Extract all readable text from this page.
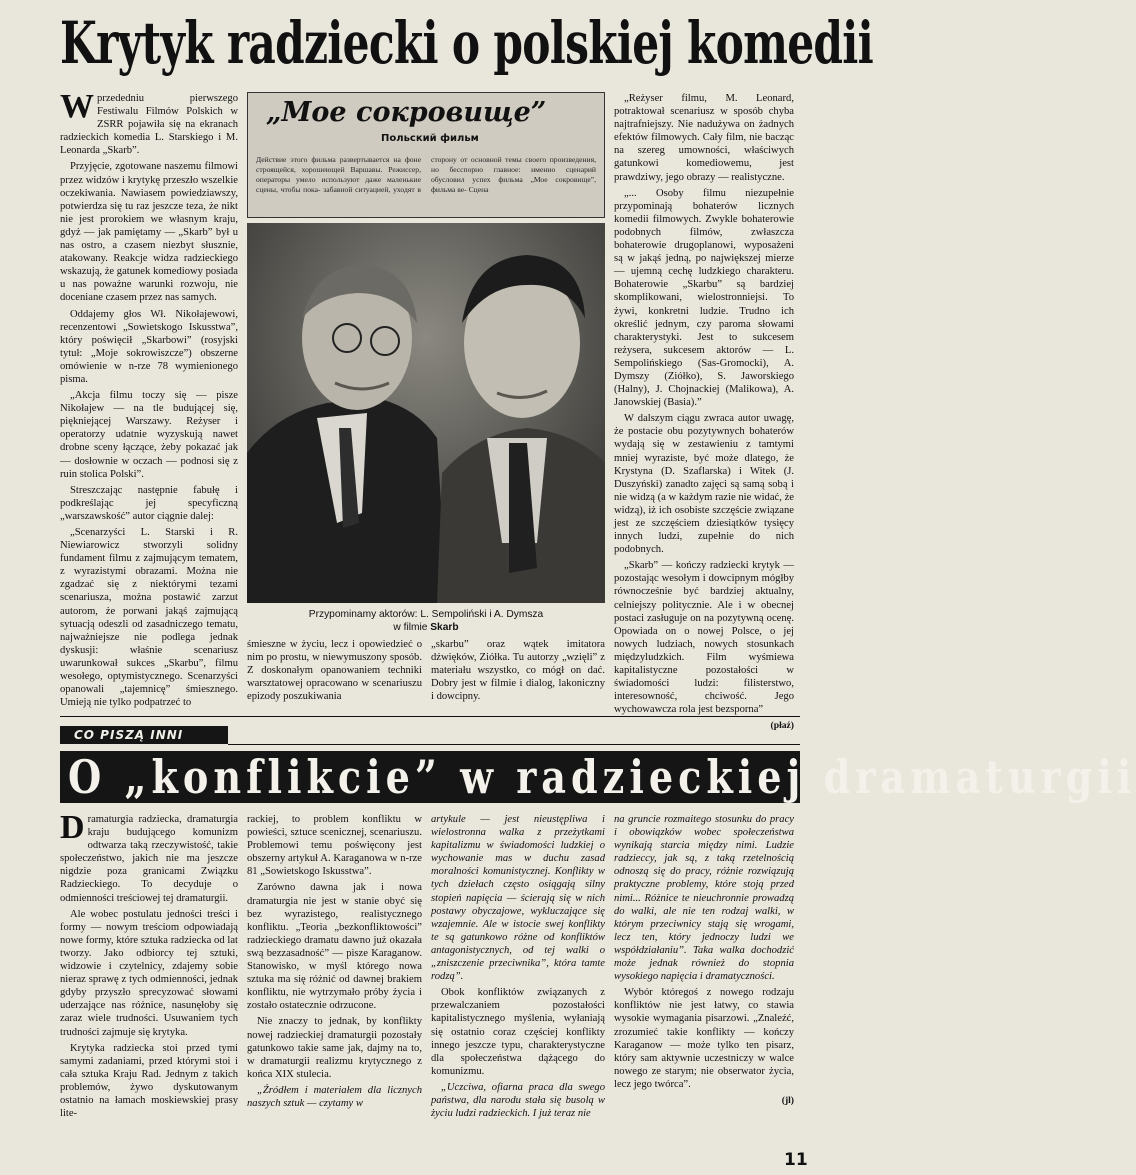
Krytyk radziecki o polskiej komedii

Wprzededniu pierwszego Festiwalu Filmów Polskich w ZSRR pojawiła się na ekranach radzieckich komedia L. Starskiego i M. Leonarda „Skarb”.

Przyjęcie, zgotowane naszemu filmowi przez widzów i krytykę przeszło wszelkie oczekiwania. Nawiasem powiedziawszy, potwierdza się tu raz jeszcze teza, że nikt nie jest prorokiem we własnym kraju, gdyż — jak pamiętamy — „Skarb” był u nas ostro, a czasem niezbyt słusznie, atakowany. Reakcje widza radzieckiego wskazują, że gatunek komediowy posiada u nas poważne warunki rozwoju, nie doceniane czasem przez nas samych.

Oddajemy głos Wł. Nikołajewowi, recenzentowi „Sowietskogo Iskusstwa”, który poświęcił „Skarbowi” (rosyjski tytuł: „Moje sokrowiszcze”) obszerne omówienie w n-rze 78 wymienionego pisma.

„Akcja filmu toczy się — pisze Nikołajew — na tle budującej się, piękniejącej Warszawy. Reżyser i operatorzy udatnie wyzyskują nawet drobne sceny łączące, żeby pokazać jak — dosłownie w oczach — podnosi się z ruin stolica Polski”.

Streszczając następnie fabułę i podkreślając jej specyficzną „warszawskość” autor ciągnie dalej:

„Scenarzyści L. Starski i R. Niewiarowicz stworzyli solidny fundament filmu z zajmującym tematem, z wyrazistymi obrazami. Można nie zgadzać się z niektórymi tezami scenariusza, można postawić zarzut autorom, że porwani jakąś zajmującą sytuacją odeszli od zasadniczego tematu, najważniejsze nie podlega jednak dyskusji: właśnie scenariusz uwarunkował sukces „Skarbu”, filmu wesołego, optymistycznego. Scenarzyści opanowali „tajemnicę” śmiesznego. Umieją nie tylko podpatrzeć to

„Мое сокровище”
Польский фильм
Действие этого фильма развертывается на фоне строящейся, хорошеющей Варшавы. Режиссер, операторы умело используют даже маленькие сцены, чтобы пока- забавной ситуацией, уходят в сторону от основной темы своего произведения, но бесспорно главное: именно сценарий обусловил успех фильма „Мое сокровище”, фильма ве- Сцена
Przypominamy aktorów: L. Sempoliński i A. Dymsza
w filmie Skarb

śmieszne w życiu, lecz i opowiedzieć o nim po prostu, w niewymuszony sposób. Z doskonałym opanowaniem techniki warsztatowej opracowano w scenariuszu epizody poszukiwania

„skarbu” oraz wątek imitatora dźwięków, Ziółka. Tu autorzy „wzięli” z materiału wszystko, co mógł on dać. Dobry jest w filmie i dialog, lakoniczny i dowcipny.

„Reżyser filmu, M. Leonard, potraktował scenariusz w sposób chyba najtrafniejszy. Nie nadużywa on żadnych efektów filmowych. Cały film, nie bacząc na szereg umowności, właściwych gatunkowi komediowemu, jest prawdziwy, jego obrazy — realistyczne.

„... Osoby filmu niezupełnie przypominają bohaterów licznych komedii filmowych. Zwykle bohaterowie podobnych filmów, zwłaszcza bohaterowie drugoplanowi, wyposażeni są w jakąś jedną, po największej mierze — ujemną cechę ludzkiego charakteru. Bohaterowie „Skarbu” są bardziej skomplikowani, wielostronniejsi. To żywi, konkretni ludzie. Trudno ich określić jednym, czy paroma słowami charakterystyki. Jest to sukcesem reżysera, sukcesem aktorów — L. Sempolińskiego (Sas-Gromocki), A. Dymszy (Ziółko), S. Jaworskiego (Halny), J. Chojnackiej (Malikowa), A. Janowskiej (Basia).”

W dalszym ciągu zwraca autor uwagę, że postacie obu pozytywnych bohaterów wydają się w zestawieniu z tamtymi mniej wyraziste, być może dlatego, że Krystyna (D. Szaflarska) i Witek (J. Duszyński) zanadto zajęci są samą sobą i nie widzą (a w każdym razie nie widać, że widzą), iż ich osobiste szczęście związane jest ze szczęściem dziesiątków tysięcy innych ludzi, zupełnie do nich podobnych.

„Skarb” — kończy radziecki krytyk — pozostając wesołym i dowcipnym mógłby równocześnie być bardziej aktualny, celniejszy politycznie. Ale i w obecnej postaci zasługuje on na pozytywną ocenę. Opowiada on o nowej Polsce, o jej nowych ludziach, nowych stosunkach międzyludzkich. Film wyśmiewa kapitalistyczne pozostałości w świadomości ludzi: filisterstwo, interesowność, chciwość. Jego wychowawcza rola jest bezsporna”

(płaź)
CO PISZĄ INNI
O „konflikcie” w radzieckiej dramaturgii

Dramaturgia radziecka, dramaturgia kraju budującego komunizm odtwarza taką rzeczywistość, takie społeczeństwo, jakich nie ma jeszcze nigdzie poza granicami Związku Radzieckiego. To decyduje o odmienności treściowej tej dramaturgii.

Ale wobec postulatu jedności treści i formy — nowym treściom odpowiadają nowe formy, które sztuka radziecka od lat tworzy. Jako odbiorcy tej sztuki, widzowie i czytelnicy, zdajemy sobie nieraz sprawę z tych odmienności, jednak gdyby przyszło sprecyzować słowami uderzające nas różnice, nasunęłoby się zaraz wiele trudności. Usuwaniem tych trudności zajmuje się krytyka.

Krytyka radziecka stoi przed tymi samymi zadaniami, przed którymi stoi i cała sztuka Kraju Rad. Jednym z takich problemów, żywo dyskutowanym ostatnio na łamach moskiewskiej prasy lite-

rackiej, to problem konfliktu w powieści, sztuce scenicznej, scenariuszu. Problemowi temu poświęcony jest obszerny artykuł A. Karaganowa w n-rze 81 „Sowietskogo Iskusstwa”.

Zarówno dawna jak i nowa dramaturgia nie jest w stanie obyć się bez wyrazistego, realistycznego konfliktu. „Teoria „bezkonfliktowości” radzieckiego dramatu dawno już okazała swą bezzasadność” — pisze Karaganow. Stanowisko, w myśl którego nowa sztuka ma się różnić od dawnej brakiem konfliktu, nie wytrzymało próby życia i zostało ostatecznie odrzucone.

Nie znaczy to jednak, by konflikty nowej radzieckiej dramaturgii pozostały gatunkowo takie same jak, dajmy na to, w dramaturgii realizmu krytycznego z końca XIX stulecia.

„Źródłem i materiałem dla licznych naszych sztuk — czytamy w

artykule — jest nieustępliwa i wielostronna walka z przeżytkami kapitalizmu w świadomości ludzkiej o wychowanie mas w duchu zasad moralności komunistycznej. Konflikty w tych dziełach często osiągają silny stopień napięcia — ścierają się w nich postawy obyczajowe, wykluczające się wzajemnie. Ale w istocie swej konflikty te są gatunkowo różne od konfliktów antagonistycznych, od tej walki o „zniszczenie przeciwnika”, która tamte rodzą”.

Obok konfliktów związanych z przewalczaniem pozostałości kapitalistycznego myślenia, wyłaniają się ostatnio coraz częściej konflikty innego jeszcze typu, charakterystyczne dla społeczeństwa dążącego do komunizmu.

„Uczciwa, ofiarna praca dla swego państwa, dla narodu stała się busolą w życiu ludzi radzieckich. I już teraz nie

na gruncie rozmaitego stosunku do pracy i obowiązków wobec społeczeństwa wynikają starcia między nimi. Ludzie radzieccy, jak są, z taką rzetelnością odnoszą się do pracy, różnie rozwiązują praktyczne problemy, które stoją przed nimi... Różnice te nieuchronnie prowadzą do walki, ale nie ten rodzaj walki, w którym przeciwnicy stają się wrogami, lecz ten, który jednoczy ludzi we współdziałaniu”. Taka walka dochodzić może jednak również do stopnia wysokiego napięcia i dramatyczności.

Wybór któregoś z nowego rodzaju konfliktów nie jest łatwy, co stawia wysokie wymagania pisarzowi. „Znaleźć, zrozumieć takie konflikty — kończy Karaganow — może tylko ten pisarz, który sam aktywnie uczestniczy w walce nowego ze starym; nie obserwator życia, lecz jego twórca”.

(jl)
11
